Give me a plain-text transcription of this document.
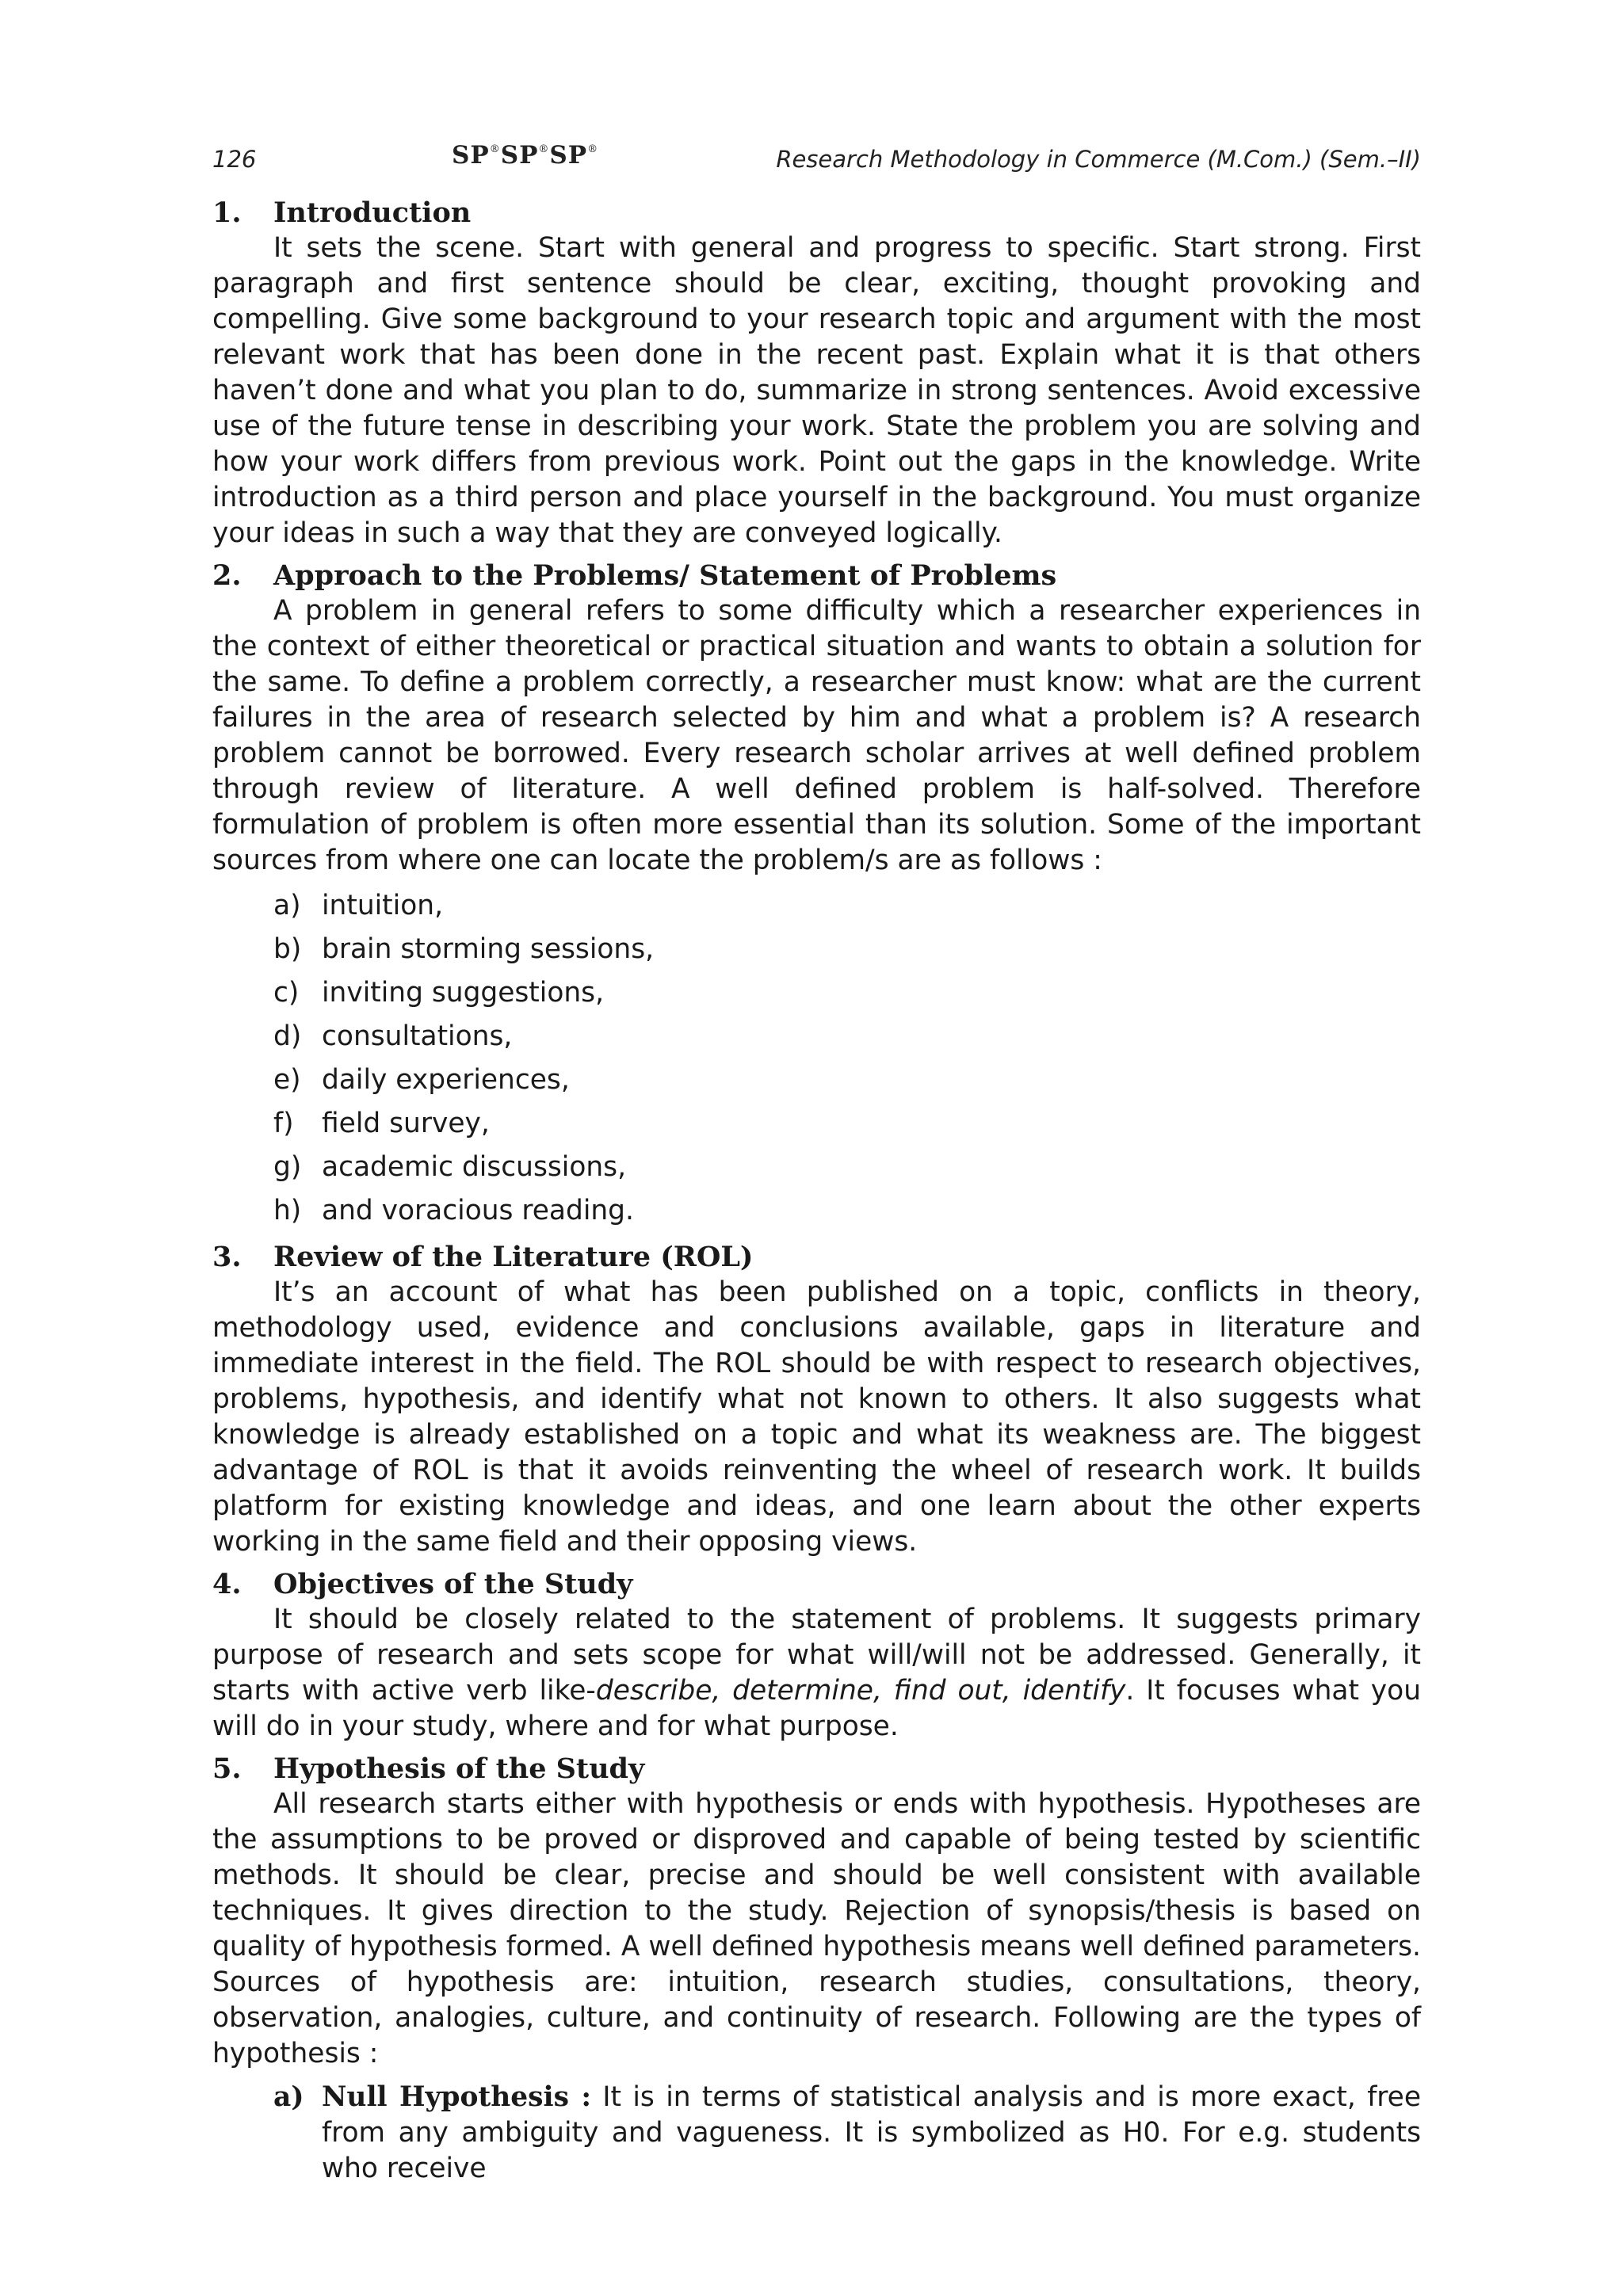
126	SP®SP®SP®	Research Methodology in Commerce (M.Com.) (Sem.–II)
1.	Introduction

It sets the scene. Start with general and progress to specific. Start strong. First paragraph and first sentence should be clear, exciting, thought provoking and compelling. Give some background to your research topic and argument with the most relevant work that has been done in the recent past. Explain what it is that others haven’t done and what you plan to do, summarize in strong sentences. Avoid excessive use of the future tense in describing your work. State the problem you are solving and how your work differs from previous work. Point out the gaps in the knowledge. Write introduction as a third person and place yourself in the background. You must organize your ideas in such a way that they are conveyed logically.

2.	Approach to the Problems/ Statement of Problems

A problem in general refers to some difficulty which a researcher experiences in the context of either theoretical or practical situation and wants to obtain a solution for the same. To define a problem correctly, a researcher must know: what are the current failures in the area of research selected by him and what a problem is? A research problem cannot be borrowed. Every research scholar arrives at well defined problem through review of literature. A well defined problem is half-solved. Therefore formulation of problem is often more essential than its solution. Some of the important sources from where one can locate the problem/s are as follows :

a) intuition,
b) brain storming sessions,
c) inviting suggestions,
d) consultations,
e) daily experiences,
f)	field survey,
g) academic discussions,
h) and voracious reading.
3.	Review of the Literature (ROL)

It’s an account of what has been published on a topic, conflicts in theory, methodology used, evidence and conclusions available, gaps in literature and immediate interest in the field. The ROL should be with respect to research objectives, problems, hypothesis, and identify what not known to others. It also suggests what knowledge is already established on a topic and what its weakness are. The biggest advantage of ROL is that it avoids reinventing the wheel of research work. It builds platform for existing knowledge and ideas, and one learn about the other experts working in the same field and their opposing views.

4.	Objectives of the Study

It should be closely related to the statement of problems. It suggests primary purpose of research and sets scope for what will/will not be addressed. Generally, it starts with active verb like-describe, determine, find out, identify. It focuses what you will do in your study, where and for what purpose.

5.	Hypothesis of the Study

All research starts either with hypothesis or ends with hypothesis. Hypotheses are the assumptions to be proved or disproved and capable of being tested by scientific methods. It should be clear, precise and should be well consistent with available techniques. It gives direction to the study. Rejection of synopsis/thesis is based on quality of hypothesis formed. A well defined hypothesis means well defined parameters. Sources of hypothesis are: intuition, research studies, consultations, theory, observation, analogies, culture, and continuity of research. Following are the types of hypothesis :

a) Null Hypothesis : It is in terms of statistical analysis and is more exact, free from any ambiguity and vagueness. It is symbolized as H0. For e.g. students who receive
